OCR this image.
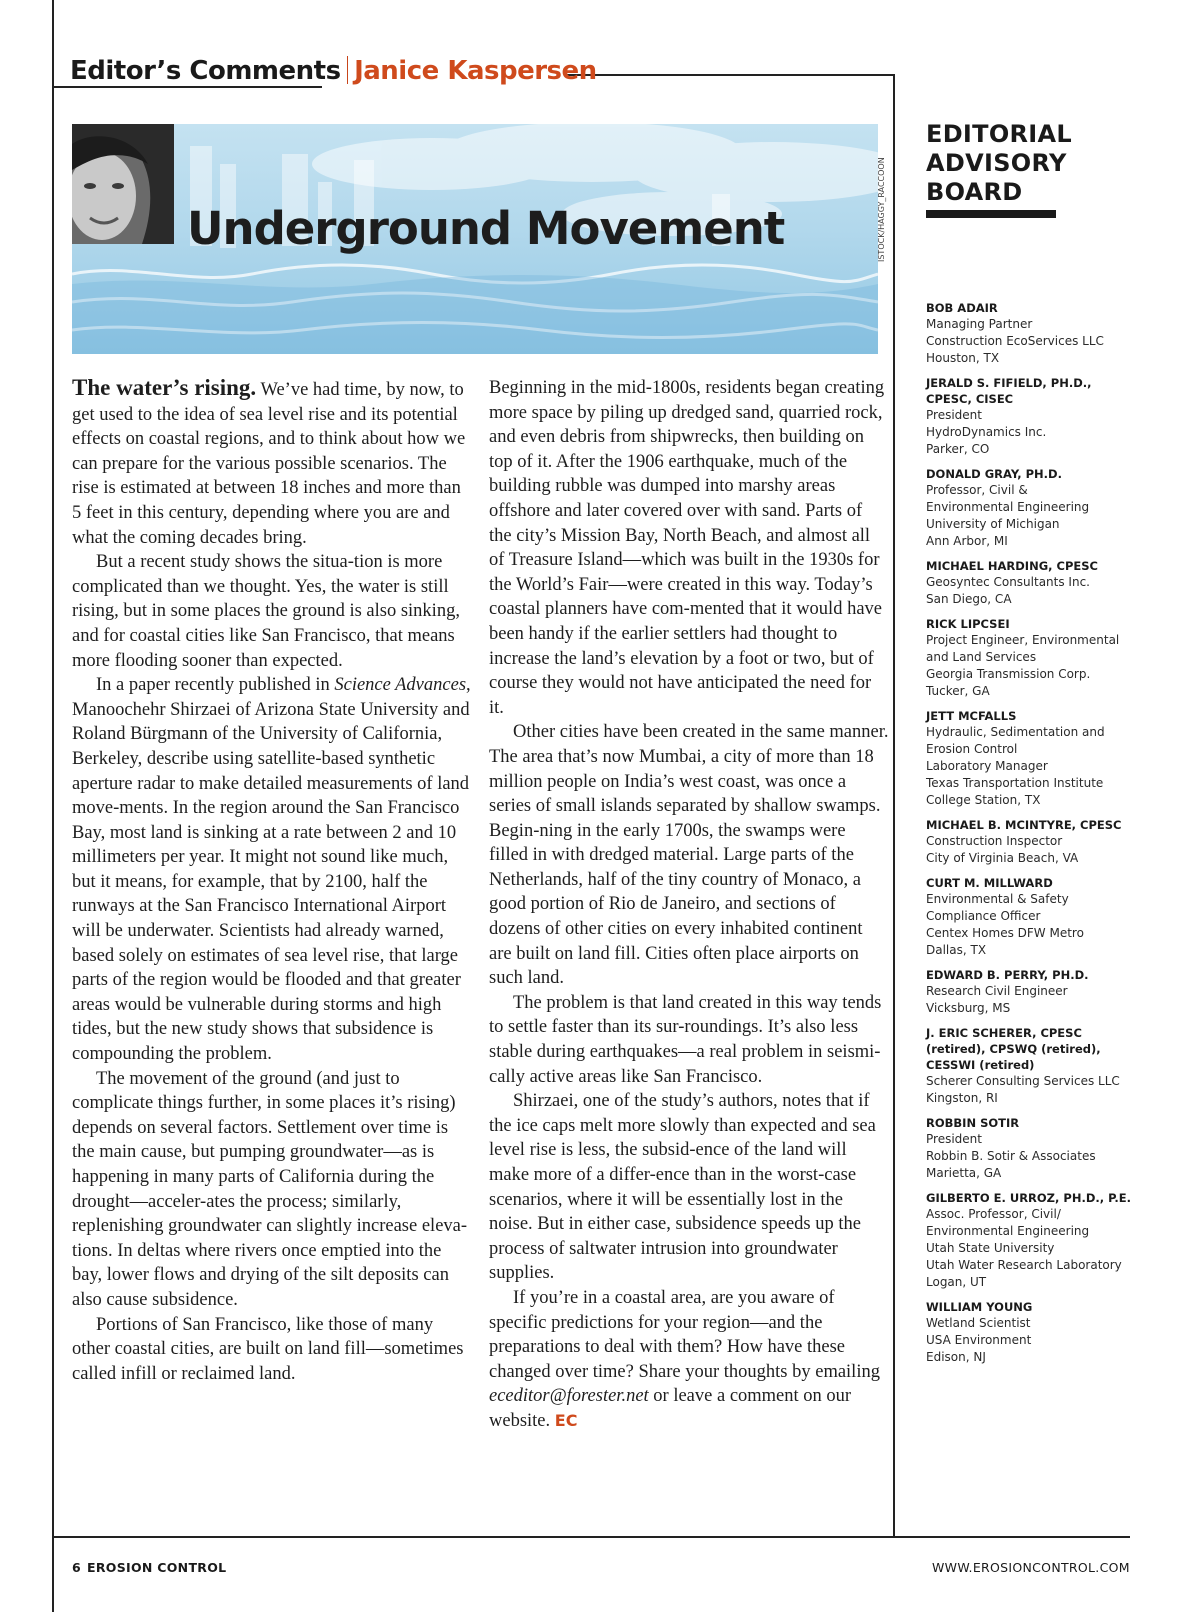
Editor’s Comments Janice Kaspersen
Underground Movement	ISTOCK/HAGGY_RACCOON

The water’s rising. We’ve had time, by now, to get used to the idea of sea level rise and its potential effects on coastal regions, and to think about how we can prepare for the various possible scenarios. The rise is estimated at between 18 inches and more than 5 feet in this century, depending where you are and what the coming decades bring.

But a recent study shows the situa-tion is more complicated than we thought. Yes, the water is still rising, but in some places the ground is also sinking, and for coastal cities like San Francisco, that means more flooding sooner than expected.

In a paper recently published in Science Advances, Manoochehr Shirzaei of Arizona State University and Roland Bürgmann of the University of California, Berkeley, describe using satellite-based synthetic aperture radar to make detailed measurements of land move-ments. In the region around the San Francisco Bay, most land is sinking at a rate between 2 and 10 millimeters per year. It might not sound like much, but it means, for example, that by 2100, half the runways at the San Francisco International Airport will be underwater. Scientists had already warned, based solely on estimates of sea level rise, that large parts of the region would be flooded and that greater areas would be vulnerable during storms and high tides, but the new study shows that subsidence is compounding the problem.

The movement of the ground (and just to complicate things further, in some places it’s rising) depends on several factors. Settlement over time is the main cause, but pumping groundwater—as is happening in many parts of California during the drought—acceler-ates the process; similarly, replenishing groundwater can slightly increase eleva-tions. In deltas where rivers once emptied into the bay, lower flows and drying of the silt deposits can also cause subsidence.

Portions of San Francisco, like those of many other coastal cities, are built on land fill—sometimes called infill or reclaimed land.

Beginning in the mid-1800s, residents began creating more space by piling up dredged sand, quarried rock, and even debris from shipwrecks, then building on top of it. After the 1906 earthquake, much of the building rubble was dumped into marshy areas offshore and later covered over with sand. Parts of the city’s Mission Bay, North Beach, and almost all of Treasure Island—which was built in the 1930s for the World’s Fair—were created in this way. Today’s coastal planners have com-mented that it would have been handy if the earlier settlers had thought to increase the land’s elevation by a foot or two, but of course they would not have anticipated the need for it.

Other cities have been created in the same manner. The area that’s now Mumbai, a city of more than 18 million people on India’s west coast, was once a series of small islands separated by shallow swamps. Begin-ning in the early 1700s, the swamps were filled in with dredged material. Large parts of the Netherlands, half of the tiny country of Monaco, a good portion of Rio de Janeiro, and sections of dozens of other cities on every inhabited continent are built on land fill. Cities often place airports on such land.

The problem is that land created in this way tends to settle faster than its sur-roundings. It’s also less stable during earthquakes—a real problem in seismi-cally active areas like San Francisco.

Shirzaei, one of the study’s authors, notes that if the ice caps melt more slowly than expected and sea level rise is less, the subsid-ence of the land will make more of a differ-ence than in the worst-case scenarios, where it will be essentially lost in the noise. But in either case, subsidence speeds up the process of saltwater intrusion into groundwater supplies.

If you’re in a coastal area, are you aware of specific predictions for your region—and the preparations to deal with them? How have these changed over time? Share your thoughts by emailing eceditor@forester.net or leave a comment on our website. EC

EDITORIAL
ADVISORY
BOARD
BOB ADAIR
Managing Partner
Construction EcoServices LLC
Houston, TX
JERALD S. FIFIELD, PH.D.,
CPESC, CISEC
President
HydroDynamics Inc.
Parker, CO
DONALD GRAY, PH.D.
Professor, Civil &
Environmental Engineering
University of Michigan
Ann Arbor, MI
MICHAEL HARDING, CPESC
Geosyntec Consultants Inc.
San Diego, CA
RICK LIPCSEI
Project Engineer, Environmental
and Land Services
Georgia Transmission Corp.
Tucker, GA
JETT MCFALLS
Hydraulic, Sedimentation and
Erosion Control
Laboratory Manager
Texas Transportation Institute
College Station, TX
MICHAEL B. MCINTYRE, CPESC
Construction Inspector
City of Virginia Beach, VA
CURT M. MILLWARD
Environmental & Safety
Compliance Officer
Centex Homes DFW Metro
Dallas, TX
EDWARD B. PERRY, PH.D.
Research Civil Engineer
Vicksburg, MS
J. ERIC SCHERER, CPESC
(retired), CPSWQ (retired),
CESSWI (retired)
Scherer Consulting Services LLC
Kingston, RI
ROBBIN SOTIR
President
Robbin B. Sotir & Associates
Marietta, GA
GILBERTO E. URROZ, PH.D., P.E.
Assoc. Professor, Civil/
Environmental Engineering
Utah State University
Utah Water Research Laboratory
Logan, UT
WILLIAM YOUNG
Wetland Scientist
USA Environment
Edison, NJ
6 EROSION CONTROL	WWW.EROSIONCONTROL.COM
